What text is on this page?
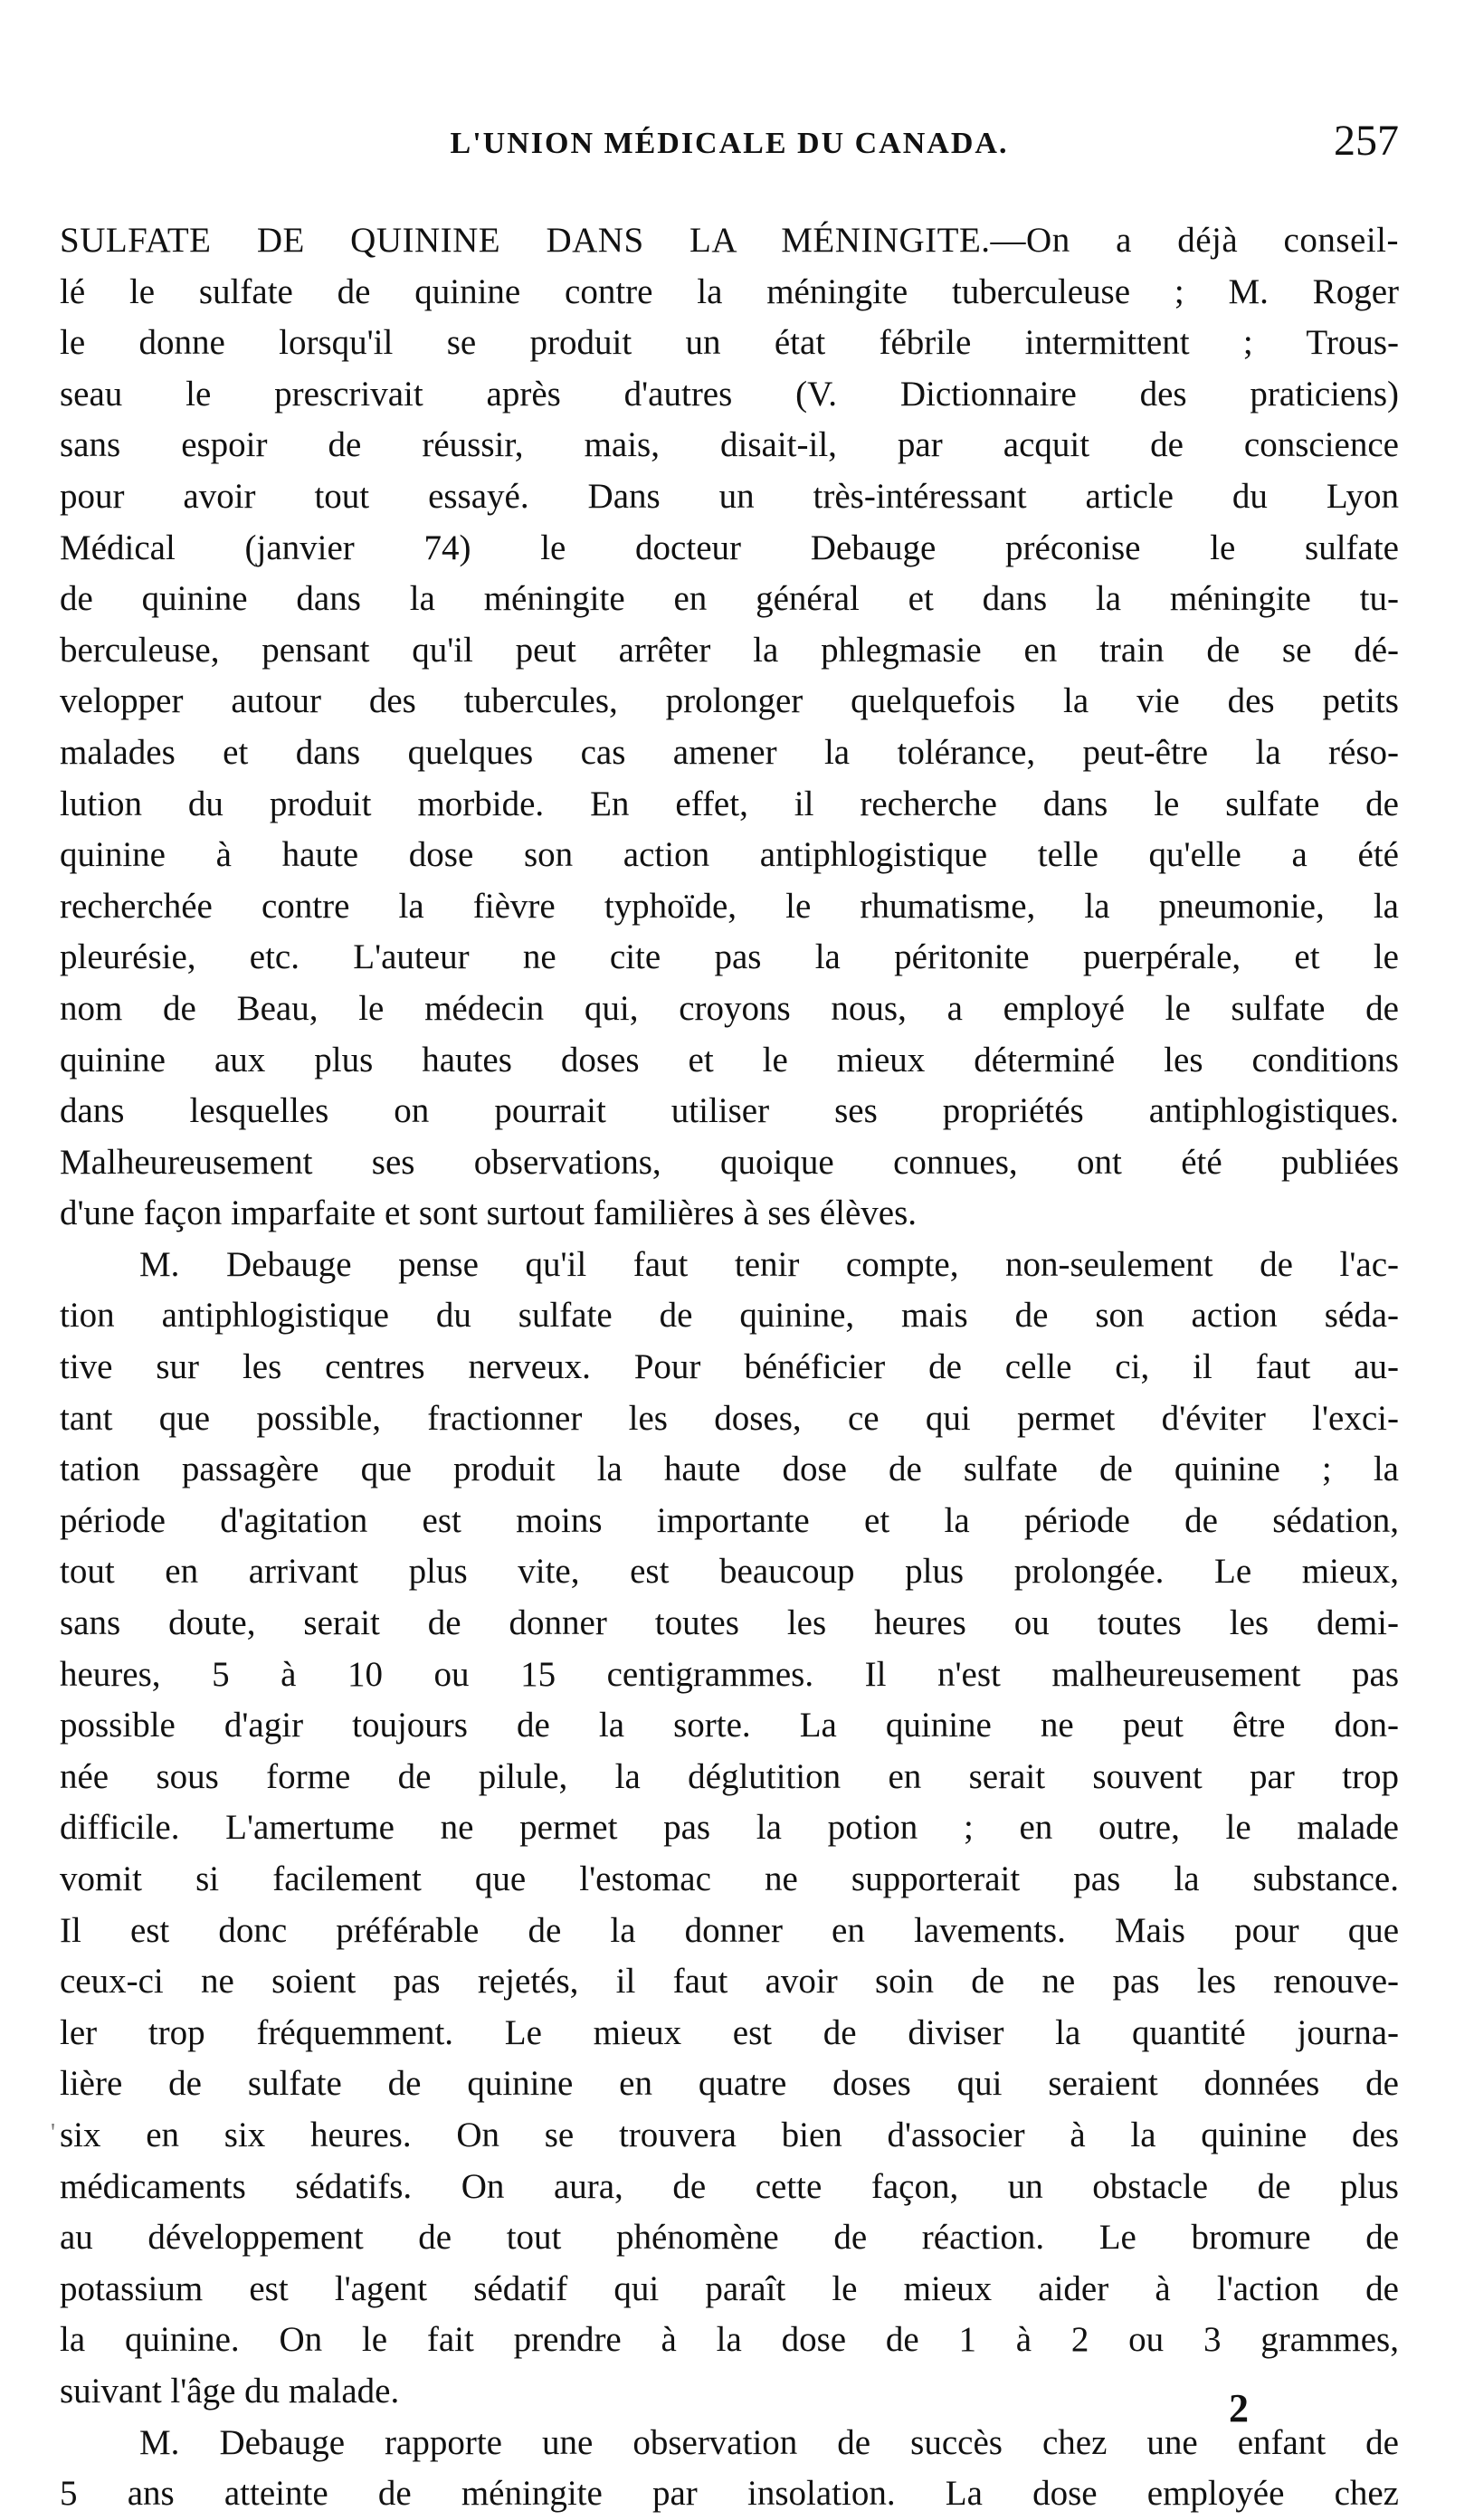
L'UNION MÉDICALE DU CANADA.	257
SULFATE DE QUININE DANS LA MÉNINGITE.—On a déjà conseil-
lé le sulfate de quinine contre la méningite tuberculeuse ; M. Roger
le donne lorsqu'il se produit un état fébrile intermittent ; Trous-
seau le prescrivait après d'autres (V. Dictionnaire des praticiens)
sans espoir de réussir, mais, disait-il, par acquit de conscience
pour avoir tout essayé. Dans un très-intéressant article du Lyon
Médical (janvier 74) le docteur Debauge préconise le sulfate
de quinine dans la méningite en général et dans la méningite tu-
berculeuse, pensant qu'il peut arrêter la phlegmasie en train de se dé-
velopper autour des tubercules, prolonger quelquefois la vie des petits
malades et dans quelques cas amener la tolérance, peut-être la réso-
lution du produit morbide. En effet, il recherche dans le sulfate de
quinine à haute dose son action antiphlogistique telle qu'elle a été
recherchée contre la fièvre typhoïde, le rhumatisme, la pneumonie, la
pleurésie, etc. L'auteur ne cite pas la péritonite puerpérale, et le
nom de Beau, le médecin qui, croyons nous, a employé le sulfate de
quinine aux plus hautes doses et le mieux déterminé les conditions
dans lesquelles on pourrait utiliser ses propriétés antiphlogistiques.
Malheureusement ses observations, quoique connues, ont été publiées
d'une façon imparfaite et sont surtout familières à ses élèves.
M. Debauge pense qu'il faut tenir compte, non-seulement de l'ac-
tion antiphlogistique du sulfate de quinine, mais de son action séda-
tive sur les centres nerveux. Pour bénéficier de celle ci, il faut au-
tant que possible, fractionner les doses, ce qui permet d'éviter l'exci-
tation passagère que produit la haute dose de sulfate de quinine ; la
période d'agitation est moins importante et la période de sédation,
tout en arrivant plus vite, est beaucoup plus prolongée. Le mieux,
sans doute, serait de donner toutes les heures ou toutes les demi-
heures, 5 à 10 ou 15 centigrammes. Il n'est malheureusement pas
possible d'agir toujours de la sorte. La quinine ne peut être don-
née sous forme de pilule, la déglutition en serait souvent par trop
difficile. L'amertume ne permet pas la potion ; en outre, le malade
vomit si facilement que l'estomac ne supporterait pas la substance.
Il est donc préférable de la donner en lavements. Mais pour que
ceux-ci ne soient pas rejetés, il faut avoir soin de ne pas les renouve-
ler trop fréquemment. Le mieux est de diviser la quantité journa-
lière de sulfate de quinine en quatre doses qui seraient données de
six en six heures. On se trouvera bien d'associer à la quinine des
médicaments sédatifs. On aura, de cette façon, un obstacle de plus
au développement de tout phénomène de réaction. Le bromure de
potassium est l'agent sédatif qui paraît le mieux aider à l'action de
la quinine. On le fait prendre à la dose de 1 à 2 ou 3 grammes,
suivant l'âge du malade.
M. Debauge rapporte une observation de succès chez une enfant de
5 ans atteinte de méningite par insolation. La dose employée chez
'
2
